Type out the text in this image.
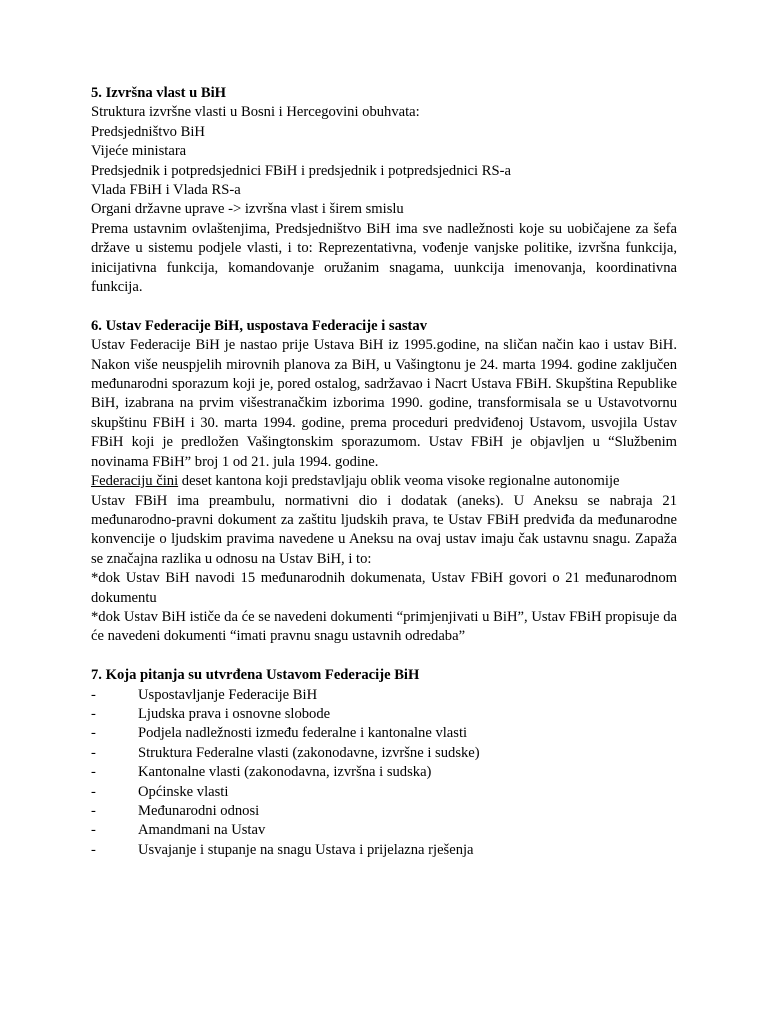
5. Izvršna vlast u BiH
Struktura izvršne vlasti u Bosni i Hercegovini obuhvata:
Predsjedništvo BiH
Vijeće ministara
Predsjednik i potpredsjednici FBiH i predsjednik i potpredsjednici RS-a
Vlada FBiH i Vlada RS-a
Organi državne uprave -> izvršna vlast i širem smislu
Prema ustavnim ovlaštenjima, Predsjedništvo BiH ima sve nadležnosti koje su uobičajene za šefa države u sistemu podjele vlasti, i to: Reprezentativna, vođenje vanjske politike, izvršna funkcija, inicijativna funkcija, komandovanje oružanim snagama, uunkcija imenovanja, koordinativna funkcija.
6. Ustav Federacije BiH, uspostava Federacije i sastav
Ustav Federacije BiH je nastao prije Ustava BiH iz 1995.godine, na sličan način kao i ustav BiH. Nakon više neuspjelih mirovnih planova za BiH, u Vašingtonu je 24. marta 1994. godine zaključen međunarodni sporazum koji je, pored ostalog, sadržavao i Nacrt Ustava FBiH. Skupština Republike BiH, izabrana na prvim višestranačkim izborima 1990. godine, transformisala se u Ustavotvornu skupštinu FBiH i 30. marta 1994. godine, prema proceduri predviđenoj Ustavom, usvojila Ustav FBiH koji je predložen Vašingtonskim sporazumom. Ustav FBiH je objavljen u “Službenim novinama FBiH” broj 1 od 21. jula 1994. godine.
Federaciju čini deset kantona koji predstavljaju oblik veoma visoke regionalne autonomije
Ustav FBiH ima preambulu, normativni dio i dodatak (aneks). U Aneksu se nabraja 21 međunarodno-pravni dokument za zaštitu ljudskih prava, te Ustav FBiH predviđa da međunarodne konvencije o ljudskim pravima navedene u Aneksu na ovaj ustav imaju čak ustavnu snagu. Zapaža se značajna razlika u odnosu na Ustav BiH, i to:
*dok Ustav BiH navodi 15 međunarodnih dokumenata, Ustav FBiH govori o 21 međunarodnom dokumentu
*dok Ustav BiH ističe da će se navedeni dokumenti “primjenjivati u BiH”, Ustav FBiH propisuje da će navedeni dokumenti “imati pravnu snagu ustavnih odredaba”
7. Koja pitanja su utvrđena Ustavom Federacije BiH
-	Uspostavljanje Federacije BiH
-	Ljudska prava i osnovne slobode
-	Podjela nadležnosti između federalne i kantonalne vlasti
-	Struktura Federalne vlasti (zakonodavne, izvršne i sudske)
-	Kantonalne vlasti (zakonodavna, izvršna i sudska)
-	Općinske vlasti
-	Međunarodni odnosi
-	Amandmani na Ustav
-	Usvajanje i stupanje na snagu Ustava i prijelazna rješenja
